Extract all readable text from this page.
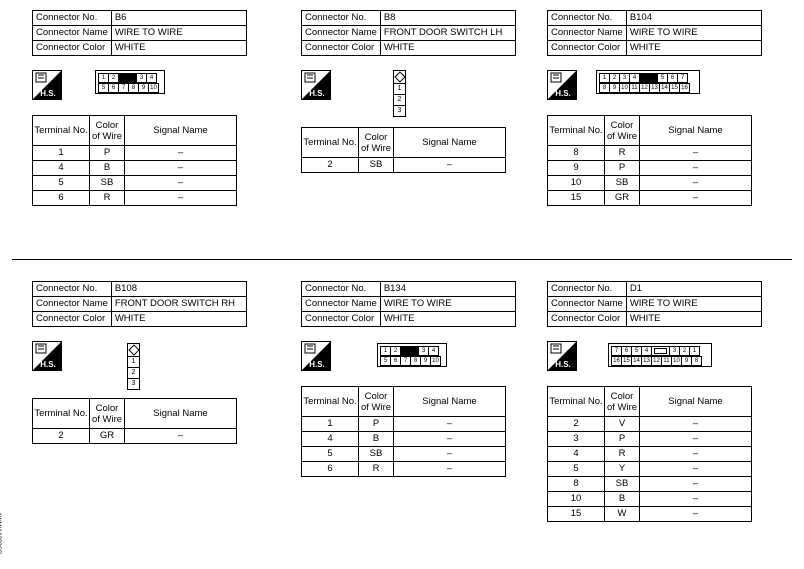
Connector No.	B6
Connector Name	WIRE TO WIRE
Connector Color	WHITE
H.S.
1	2		3	4
5	6	7	8	9	10
Terminal No.	Color of Wire	Signal Name
1	P	–
4	B	–
5	SB	–
6	R	–
Connector No.	B8
Connector Name	FRONT DOOR SWITCH LH
Connector Color	WHITE
H.S.
1
2
3
Terminal No.	Color of Wire	Signal Name
2	SB	–
Connector No.	B104
Connector Name	WIRE TO WIRE
Connector Color	WHITE
H.S.
1	2	3	4		5	6	7
8	9	10	11	12	13	14	15	16
Terminal No.	Color of Wire	Signal Name
8	R	–
9	P	–
10	SB	–
15	GR	–
Connector No.	B108
Connector Name	FRONT DOOR SWITCH RH
Connector Color	WHITE
H.S.	1
2
3
Terminal No.	Color of Wire	Signal Name
2	GR	–
Connector No.	B134
Connector Name	WIRE TO WIRE
Connector Color	WHITE
H.S.
1	2		3	4
5	6	7	8	9	10
Terminal No.	Color of Wire	Signal Name
1	P	–
4	B	–
5	SB	–
6	R	–
Connector No.	D1
Connector Name	WIRE TO WIRE
Connector Color	WHITE
H.S.
7	6	5	4		3	2	1
16	15	14	13	12	11	10	9	8
Terminal No.	Color of Wire	Signal Name
2	V	–
3	P	–
4	R	–
5	Y	–
8	SB	–
10	B	–
15	W	–
